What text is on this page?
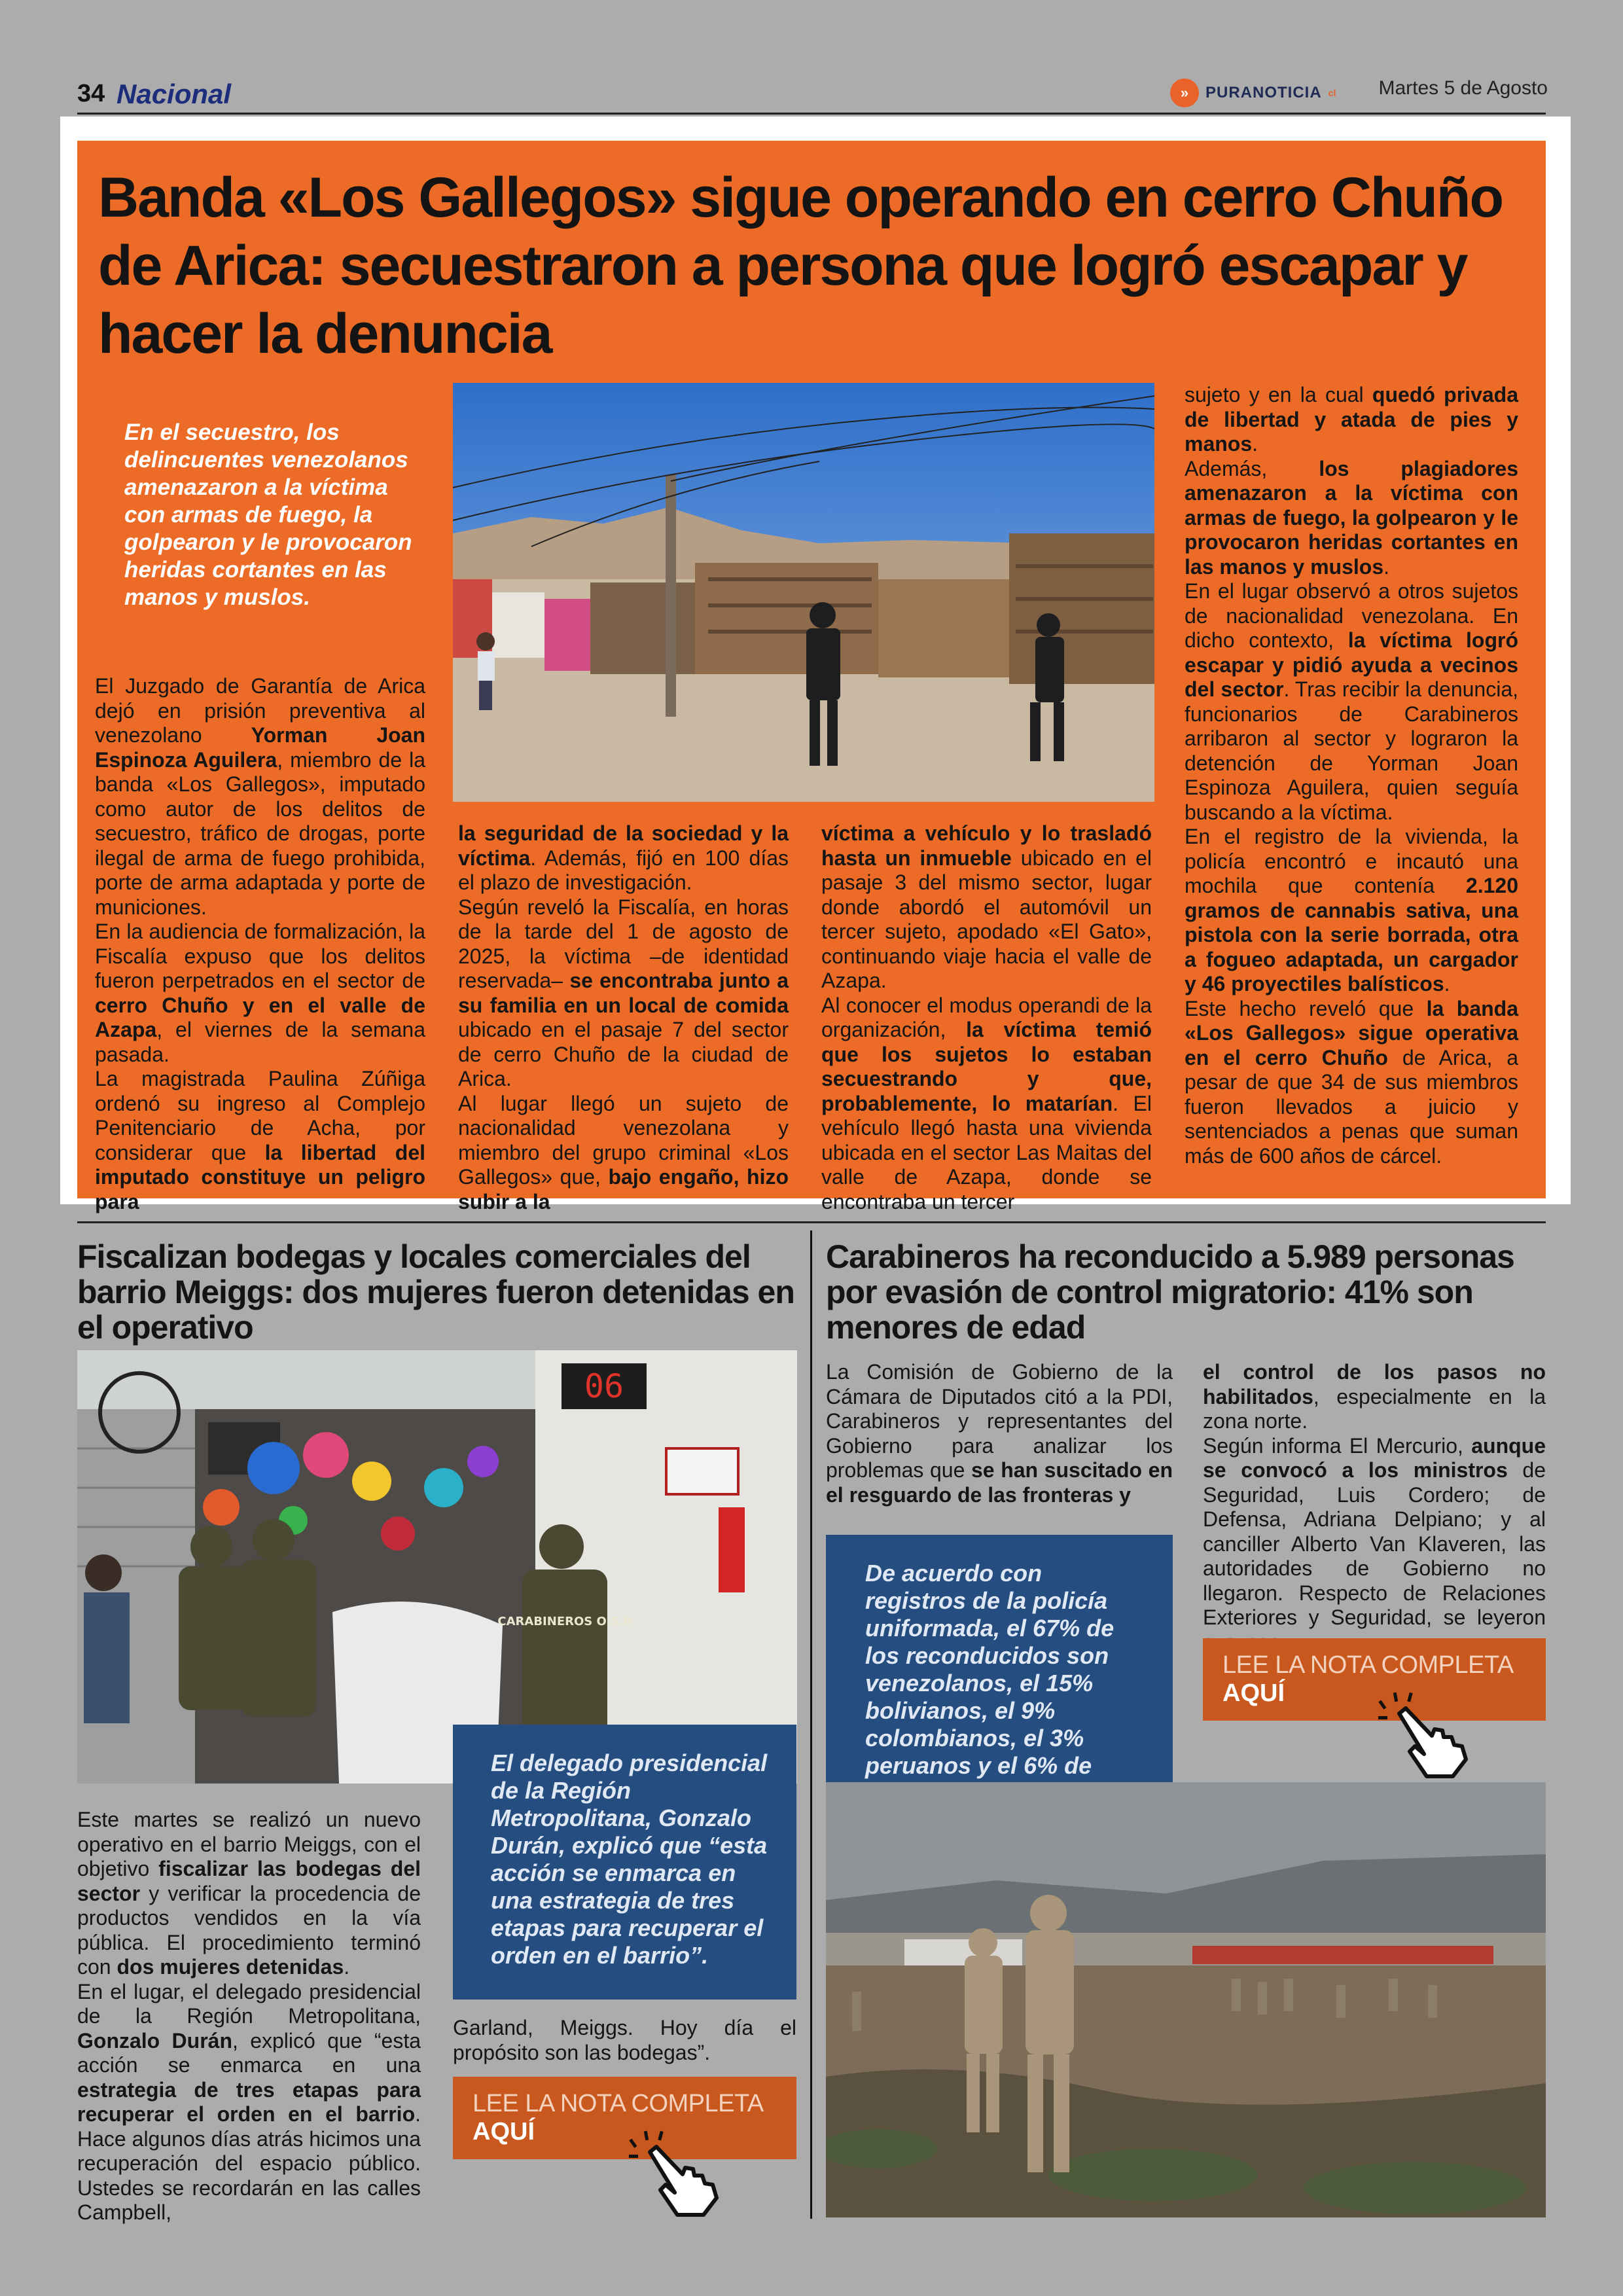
34 Nacional	»	PURANOTICIA cl Martes 5 de Agosto
Banda «Los Gallegos» sigue operando en cerro Chuño de Arica: secuestraron a persona que logró escapar y hacer la denuncia
En el secuestro, los delincuentes venezolanos amenazaron a la víctima con armas de fuego, la golpearon y le provocaron heridas cortantes en las manos y muslos.

El Juzgado de Garantía de Arica dejó en prisión preventiva al venezolano Yorman Joan Espinoza Aguilera, miembro de la banda «Los Gallegos», imputado como autor de los delitos de secuestro, tráfico de drogas, porte ilegal de arma de fuego prohibida, porte de arma adaptada y porte de municiones.

En la audiencia de formalización, la Fiscalía expuso que los delitos fueron perpetrados en el sector de cerro Chuño y en el valle de Azapa, el viernes de la semana pasada.

La magistrada Paulina Zúñiga ordenó su ingreso al Complejo Penitenciario de Acha, por considerar que la libertad del imputado constituye un peligro para

la seguridad de la sociedad y la víctima. Además, fijó en 100 días el plazo de investigación.

Según reveló la Fiscalía, en horas de la tarde del 1 de agosto de 2025, la víctima –de identidad reservada– se encontraba junto a su familia en un local de comida ubicado en el pasaje 7 del sector de cerro Chuño de la ciudad de Arica.

Al lugar llegó un sujeto de nacionalidad venezolana y miembro del grupo criminal «Los Gallegos» que, bajo engaño, hizo subir a la

víctima a vehículo y lo trasladó hasta un inmueble ubicado en el pasaje 3 del mismo sector, lugar donde abordó el automóvil un tercer sujeto, apodado «El Gato», continuando viaje hacia el valle de Azapa.

Al conocer el modus operandi de la organización, la víctima temió que los sujetos lo estaban secuestrando y que, probablemente, lo matarían. El vehículo llegó hasta una vivienda ubicada en el sector Las Maitas del valle de Azapa, donde se encontraba un tercer

sujeto y en la cual quedó privada de libertad y atada de pies y manos.

Además, los plagiadores amenazaron a la víctima con armas de fuego, la golpearon y le provocaron heridas cortantes en las manos y muslos.

En el lugar observó a otros sujetos de nacionalidad venezolana. En dicho contexto, la víctima logró escapar y pidió ayuda a vecinos del sector. Tras recibir la denuncia, funcionarios de Carabineros arribaron al sector y lograron la detención de Yorman Joan Espinoza Aguilera, quien seguía buscando a la víctima.

En el registro de la vivienda, la policía encontró e incautó una mochila que contenía 2.120 gramos de cannabis sativa, una pistola con la serie borrada, otra a fogueo adaptada, un cargador y 46 proyectiles balísticos.

Este hecho reveló que la banda «Los Gallegos» sigue operativa en el cerro Chuño de Arica, a pesar de que 34 de sus miembros fueron llevados a juicio y sentenciados a penas que suman más de 600 años de cárcel.

Fiscalizan bodegas y locales comerciales del barrio Meiggs: dos mujeres fueron detenidas en el operativo
06
CARABINEROS O.S.9
El delegado presidencial de la Región Metropolitana, Gonzalo Durán, explicó que “esta acción se enmarca en una estrategia de tres etapas para recuperar el orden en el barrio”.

Este martes se realizó un nuevo operativo en el barrio Meiggs, con el objetivo fiscalizar las bodegas del sector y verificar la procedencia de productos vendidos en la vía pública. El procedimiento terminó con dos mujeres detenidas.

En el lugar, el delegado presidencial de la Región Metropolitana, Gonzalo Durán, explicó que “esta acción se enmarca en una estrategia de tres etapas para recuperar el orden en el barrio. Hace algunos días atrás hicimos una recuperación del espacio público. Ustedes se recordarán en las calles Campbell,

Garland, Meiggs. Hoy día el propósito son las bodegas”.

LEE LA NOTA COMPLETA
AQUÍ
Carabineros ha reconducido a 5.989 personas por evasión de control migratorio: 41% son menores de edad

La Comisión de Gobierno de la Cámara de Diputados citó a la PDI, Carabineros y representantes del Gobierno para analizar los problemas que se han suscitado en el resguardo de las fronteras y

De acuerdo con registros de la policía uniformada, el 67% de los reconducidos son venezolanos, el 15% bolivianos, el 9% colombianos, el 3% peruanos y el 6% de

el control de los pasos no habilitados, especialmente en la zona norte.

Según informa El Mercurio, aunque se convocó a los ministros de Seguridad, Luis Cordero; de Defensa, Adriana Delpiano; y al canciller Alberto Van Klaveren, las autoridades de Gobierno no llegaron. Respecto de Relaciones Exteriores y Seguridad, se leyeron

LEE LA NOTA COMPLETA
AQUÍ
